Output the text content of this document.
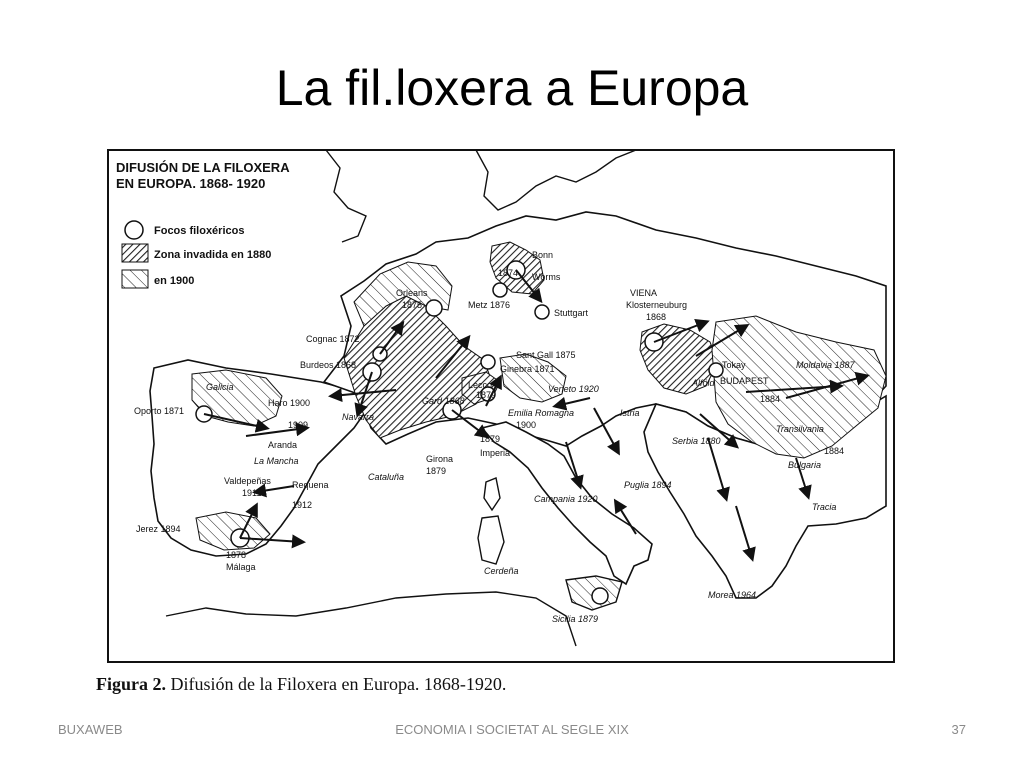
La fil.loxera a Europa
DIFUSIÓN DE LA FILOXERA
EN EUROPA. 1868- 1920
Focos filoxéricos
Zona invadida en 1880
en 1900
Bonn
Worms
1874
Metz 1876
Stuttgart
VIENA
Klosterneuburg
1868
Orleans
1875
Cognac 1872
Burdeos 1868
Sant Gall 1875
Ginebra 1871
Gard 1868
Lecco
1879
Veneto 1920
Tokay
BUDAPEST
Moldavia 1887
1884
Transilvania
Alföld
Galicia
Oporto 1871
Haro 1900
1909
Navarra
Aranda
La Mancha
Valdepeñas
1911
Requena
1912
Girona
1879
Cataluña
1879
Imperia
Emilia Romagna
1900
Istria
Serbia 1880
1884
Bulgaria
Campania 1920
Puglia 1894
Tracia
Jerez 1894
1878
Málaga	Cerdeña
Morea 1964
Sicilia 1879
Figura 2. Difusión de la Filoxera en Europa. 1868-1920.
BUXAWEB	ECONOMIA I SOCIETAT AL SEGLE XIX	37
